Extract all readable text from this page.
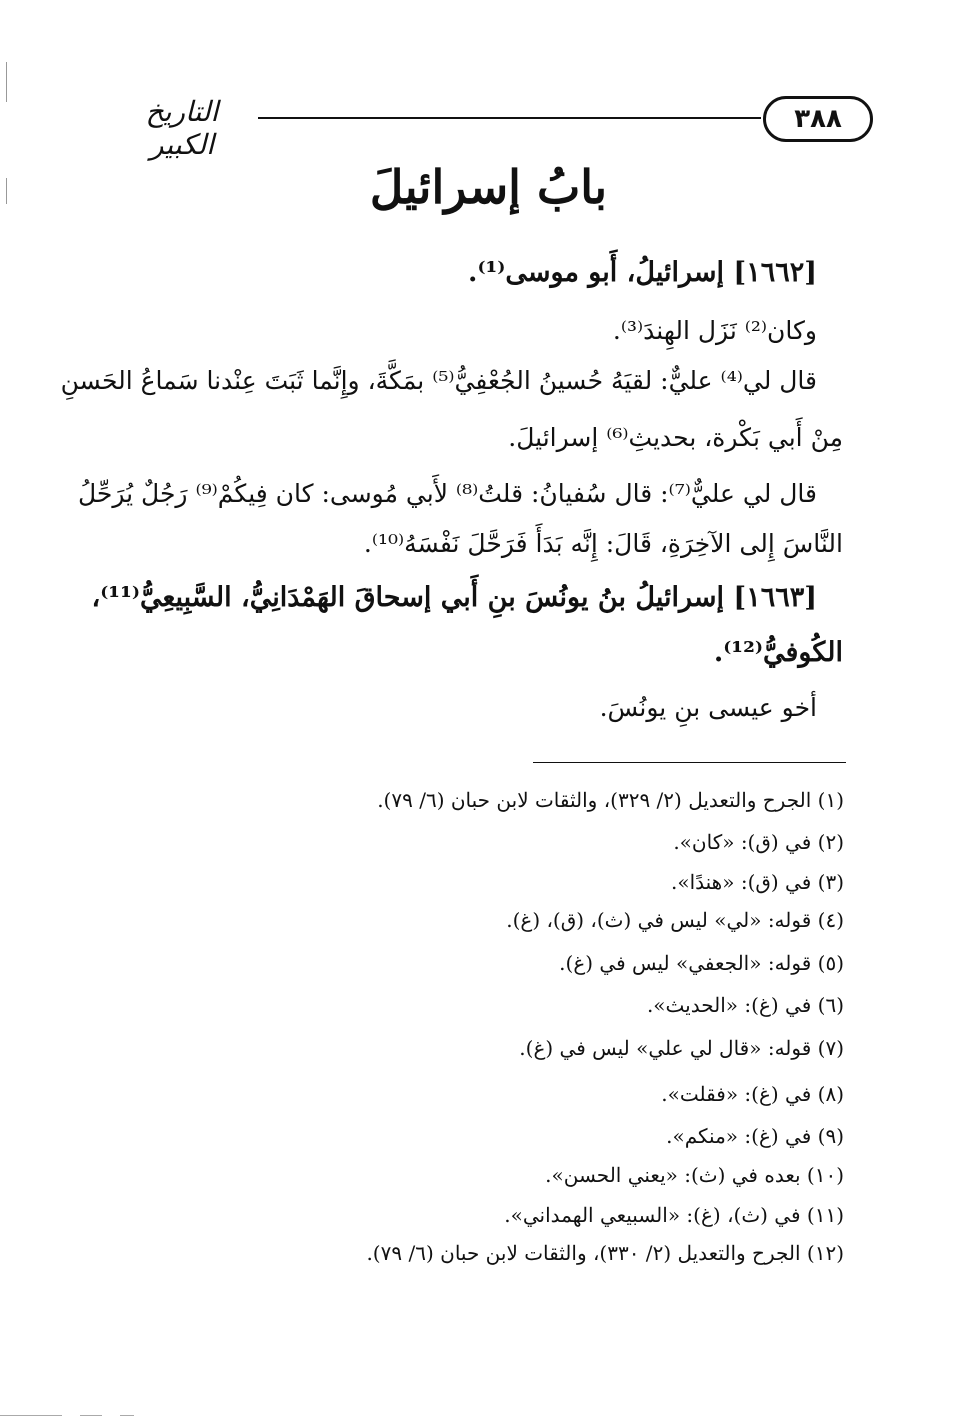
٣٨٨
التاريخ الكبير
بابُ إسرائيلَ
[١٦٦٢] إسرائيلُ، أَبو موسى⁽¹⁾.
وكان⁽²⁾ نَزَل الهِندَ⁽³⁾.
قال لي⁽⁴⁾ عليٌّ: لقيَهُ حُسينُ الجُعْفِيُّ⁽⁵⁾ بمَكَّةَ، وإِنَّما ثَبَتَ عِنْدنا سَماعُ الحَسنِ
مِنْ أَبي بَكْرة، بحديثِ⁽⁶⁾ إسرائيلَ.
قال لي عليٌّ⁽⁷⁾: قال سُفيانُ: قلتُ⁽⁸⁾ لأَبي مُوسى: كان فِيكُمْ⁽⁹⁾ رَجُلٌ يُرَحِّلُ
النَّاسَ إِلى الآخِرَةِ، قَالَ: إِنَّه بَدَأَ فَرَحَّلَ نَفْسَهُ⁽¹⁰⁾.
[١٦٦٣] إسرائيلُ بنُ يونُسَ بنِ أَبي إسحاقَ الهَمْدَانِيُّ، السَّبِيعِيُّ⁽¹¹⁾،
الكُوفيُّ⁽¹²⁾.
أخو عيسى بنِ يونُسَ.
(١) الجرح والتعديل (٢/ ٣٢٩)، والثقات لابن حبان (٦/ ٧٩).
(٢) في (ق): «كان».
(٣) في (ق): «هندًا».
(٤) قوله: «لي» ليس في (ث)، (ق)، (غ).
(٥) قوله: «الجعفي» ليس في (غ).
(٦) في (غ): «الحديث».
(٧) قوله: «قال لي علي» ليس في (غ).
(٨) في (غ): «فقلت».
(٩) في (غ): «منكم».
(١٠) بعده في (ث): «يعني الحسن».
(١١) في (ث)، (غ): «السبيعي الهمداني».
(١٢) الجرح والتعديل (٢/ ٣٣٠)، والثقات لابن حبان (٦/ ٧٩).
